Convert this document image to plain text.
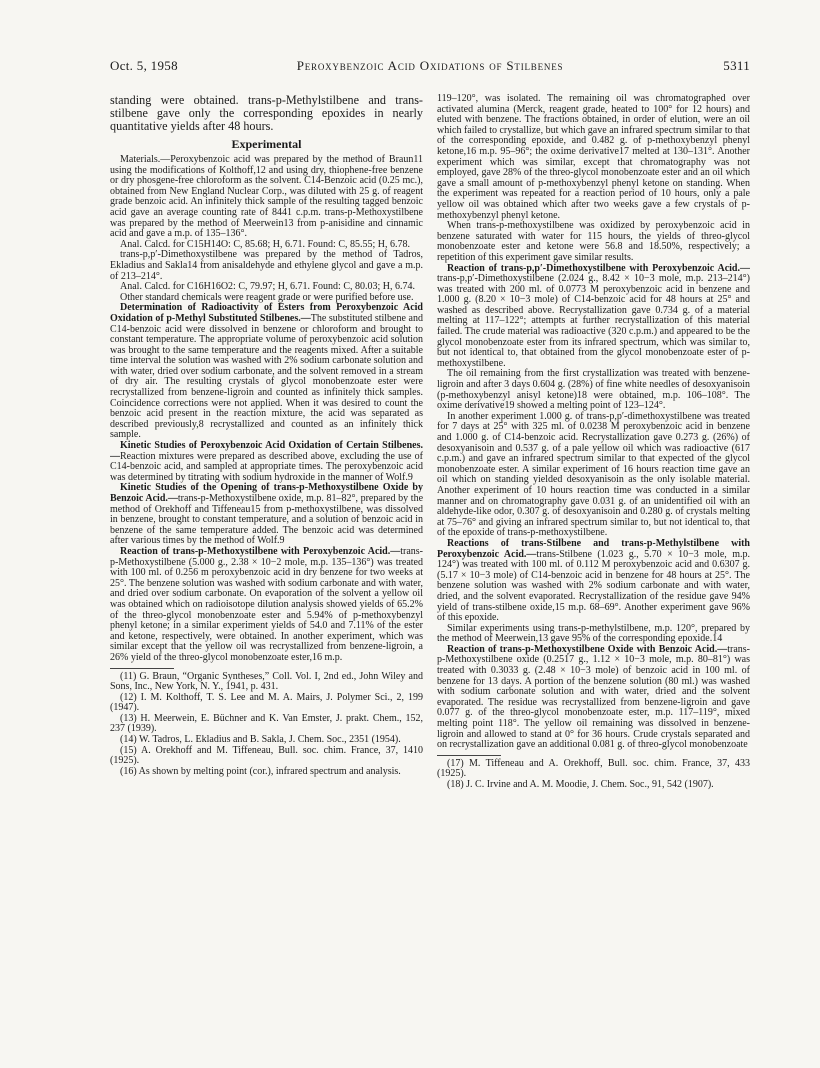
Oct. 5, 1958	Peroxybenzoic Acid Oxidations of Stilbenes	5311

standing were obtained. trans-p-Methylstilbene and trans-stilbene gave only the corresponding epoxides in nearly quantitative yields after 48 hours.

Experimental

Materials.—Peroxybenzoic acid was prepared by the method of Braun11 using the modifications of Kolthoff,12 and using dry, thiophene-free benzene or dry phosgene-free chloroform as the solvent. C14-Benzoic acid (0.25 mc.), obtained from New England Nuclear Corp., was diluted with 25 g. of reagent grade benzoic acid. An infinitely thick sample of the resulting tagged benzoic acid gave an average counting rate of 8441 c.p.m. trans-p-Methoxystilbene was prepared by the method of Meerwein13 from p-anisidine and cinnamic acid and gave a m.p. of 135–136°.

Anal. Calcd. for C15H14O: C, 85.68; H, 6.71. Found: C, 85.55; H, 6.78.

trans-p,p′-Dimethoxystilbene was prepared by the method of Tadros, Ekladius and Sakla14 from anisaldehyde and ethylene glycol and gave a m.p. of 213–214°.

Anal. Calcd. for C16H16O2: C, 79.97; H, 6.71. Found: C, 80.03; H, 6.74.

Other standard chemicals were reagent grade or were purified before use.

Determination of Radioactivity of Esters from Peroxybenzoic Acid Oxidation of p-Methyl Substituted Stilbenes.—The substituted stilbene and C14-benzoic acid were dissolved in benzene or chloroform and brought to constant temperature. The appropriate volume of peroxybenzoic acid solution was brought to the same temperature and the reagents mixed. After a suitable time interval the solution was washed with 2% sodium carbonate solution and with water, dried over sodium carbonate, and the solvent removed in a stream of dry air. The resulting crystals of glycol monobenzoate ester were recrystallized from benzene-ligroin and counted as infinitely thick samples. Coincidence corrections were not applied. When it was desired to count the benzoic acid present in the reaction mixture, the acid was separated as described previously,8 recrystallized and counted as an infinitely thick sample.

Kinetic Studies of Peroxybenzoic Acid Oxidation of Certain Stilbenes.—Reaction mixtures were prepared as described above, excluding the use of C14-benzoic acid, and sampled at appropriate times. The peroxybenzoic acid was determined by titrating with sodium hydroxide in the manner of Wolf.9

Kinetic Studies of the Opening of trans-p-Methoxystilbene Oxide by Benzoic Acid.—trans-p-Methoxystilbene oxide, m.p. 81–82°, prepared by the method of Orekhoff and Tiffeneau15 from p-methoxystilbene, was dissolved in benzene, brought to constant temperature, and a solution of benzoic acid in benzene of the same temperature added. The benzoic acid was determined after various times by the method of Wolf.9

Reaction of trans-p-Methoxystilbene with Peroxybenzoic Acid.—trans-p-Methoxystilbene (5.000 g., 2.38 × 10−2 mole, m.p. 135–136°) was treated with 100 ml. of 0.256 m peroxybenzoic acid in dry benzene for two weeks at 25°. The benzene solution was washed with sodium carbonate and with water, and dried over sodium carbonate. On evaporation of the solvent a yellow oil was obtained which on radioisotope dilution analysis showed yields of 65.2% of the threo-glycol monobenzoate ester and 5.94% of p-methoxybenzyl phenyl ketone; in a similar experiment yields of 54.0 and 7.11% of the ester and ketone, respectively, were obtained. In another experiment, which was similar except that the yellow oil was recrystallized from benzene-ligroin, a 26% yield of the threo-glycol monobenzoate ester,16 m.p.

(11) G. Braun, “Organic Syntheses,” Coll. Vol. I, 2nd ed., John Wiley and Sons, Inc., New York, N. Y., 1941, p. 431.

(12) I. M. Kolthoff, T. S. Lee and M. A. Mairs, J. Polymer Sci., 2, 199 (1947).

(13) H. Meerwein, E. Büchner and K. Van Emster, J. prakt. Chem., 152, 237 (1939).

(14) W. Tadros, L. Ekladius and B. Sakla, J. Chem. Soc., 2351 (1954).

(15) A. Orekhoff and M. Tiffeneau, Bull. soc. chim. France, 37, 1410 (1925).

(16) As shown by melting point (cor.), infrared spectrum and analysis.

119–120°, was isolated. The remaining oil was chromatographed over activated alumina (Merck, reagent grade, heated to 100° for 12 hours) and eluted with benzene. The fractions obtained, in order of elution, were an oil which failed to crystallize, but which gave an infrared spectrum similar to that of the corresponding epoxide, and 0.482 g. of p-methoxybenzyl phenyl ketone,16 m.p. 95–96°; the oxime derivative17 melted at 130–131°. Another experiment which was similar, except that chromatography was not employed, gave 28% of the threo-glycol monobenzoate ester and an oil which gave a small amount of p-methoxybenzyl phenyl ketone on standing. When the experiment was repeated for a reaction period of 10 hours, only a pale yellow oil was obtained which after two weeks gave a few crystals of p-methoxybenzyl phenyl ketone.

When trans-p-methoxystilbene was oxidized by peroxybenzoic acid in benzene saturated with water for 115 hours, the yields of threo-glycol monobenzoate ester and ketone were 56.8 and 18.50%, respectively; a repetition of this experiment gave similar results.

Reaction of trans-p,p′-Dimethoxystilbene with Peroxybenzoic Acid.—trans-p,p′-Dimethoxystilbene (2.024 g., 8.42 × 10−3 mole, m.p. 213–214°) was treated with 200 ml. of 0.0773 M peroxybenzoic acid in benzene and 1.000 g. (8.20 × 10−3 mole) of C14-benzoic acid for 48 hours at 25° and washed as described above. Recrystallization gave 0.734 g. of a material melting at 117–122°; attempts at further recrystallization of this material failed. The crude material was radioactive (320 c.p.m.) and appeared to be the glycol monobenzoate ester from its infrared spectrum, which was similar to, but not identical to, that obtained from the glycol monobenzoate ester of p-methoxystilbene.

The oil remaining from the first crystallization was treated with benzene-ligroin and after 3 days 0.604 g. (28%) of fine white needles of desoxyanisoin (p-methoxybenzyl anisyl ketone)18 were obtained, m.p. 106–108°. The oxime derivative19 showed a melting point of 123–124°.

In another experiment 1.000 g. of trans-p,p′-dimethoxystilbene was treated for 7 days at 25° with 325 ml. of 0.0238 M peroxybenzoic acid in benzene and 1.000 g. of C14-benzoic acid. Recrystallization gave 0.273 g. (26%) of desoxyanisoin and 0.537 g. of a pale yellow oil which was radioactive (617 c.p.m.) and gave an infrared spectrum similar to that expected of the glycol monobenzoate ester. A similar experiment of 16 hours reaction time gave an oil which on standing yielded desoxyanisoin as the only isolable material. Another experiment of 10 hours reaction time was conducted in a similar manner and on chromatography gave 0.031 g. of an unidentified oil with an aldehyde-like odor, 0.307 g. of desoxyanisoin and 0.280 g. of crystals melting at 75–76° and giving an infrared spectrum similar to, but not identical to, that of the epoxide of trans-p-methoxystilbene.

Reactions of trans-Stilbene and trans-p-Methylstilbene with Peroxybenzoic Acid.—trans-Stilbene (1.023 g., 5.70 × 10−3 mole, m.p. 124°) was treated with 100 ml. of 0.112 M peroxybenzoic acid and 0.6307 g. (5.17 × 10−3 mole) of C14-benzoic acid in benzene for 48 hours at 25°. The benzene solution was washed with 2% sodium carbonate and with water, dried, and the solvent evaporated. Recrystallization of the residue gave 94% yield of trans-stilbene oxide,15 m.p. 68–69°. Another experiment gave 96% of this epoxide.

Similar experiments using trans-p-methylstilbene, m.p. 120°, prepared by the method of Meerwein,13 gave 95% of the corresponding epoxide.14

Reaction of trans-p-Methoxystilbene Oxide with Benzoic Acid.—trans-p-Methoxystilbene oxide (0.2517 g., 1.12 × 10−3 mole, m.p. 80–81°) was treated with 0.3033 g. (2.48 × 10−3 mole) of benzoic acid in 100 ml. of benzene for 13 days. A portion of the benzene solution (80 ml.) was washed with sodium carbonate solution and with water, dried and the solvent evaporated. The residue was recrystallized from benzene-ligroin and gave 0.077 g. of the threo-glycol monobenzoate ester, m.p. 117–119°, mixed melting point 118°. The yellow oil remaining was dissolved in benzene-ligroin and allowed to stand at 0° for 36 hours. Crude crystals separated and on recrystallization gave an additional 0.081 g. of threo-glycol monobenzoate

(17) M. Tiffeneau and A. Orekhoff, Bull. soc. chim. France, 37, 433 (1925).

(18) J. C. Irvine and A. M. Moodie, J. Chem. Soc., 91, 542 (1907).
